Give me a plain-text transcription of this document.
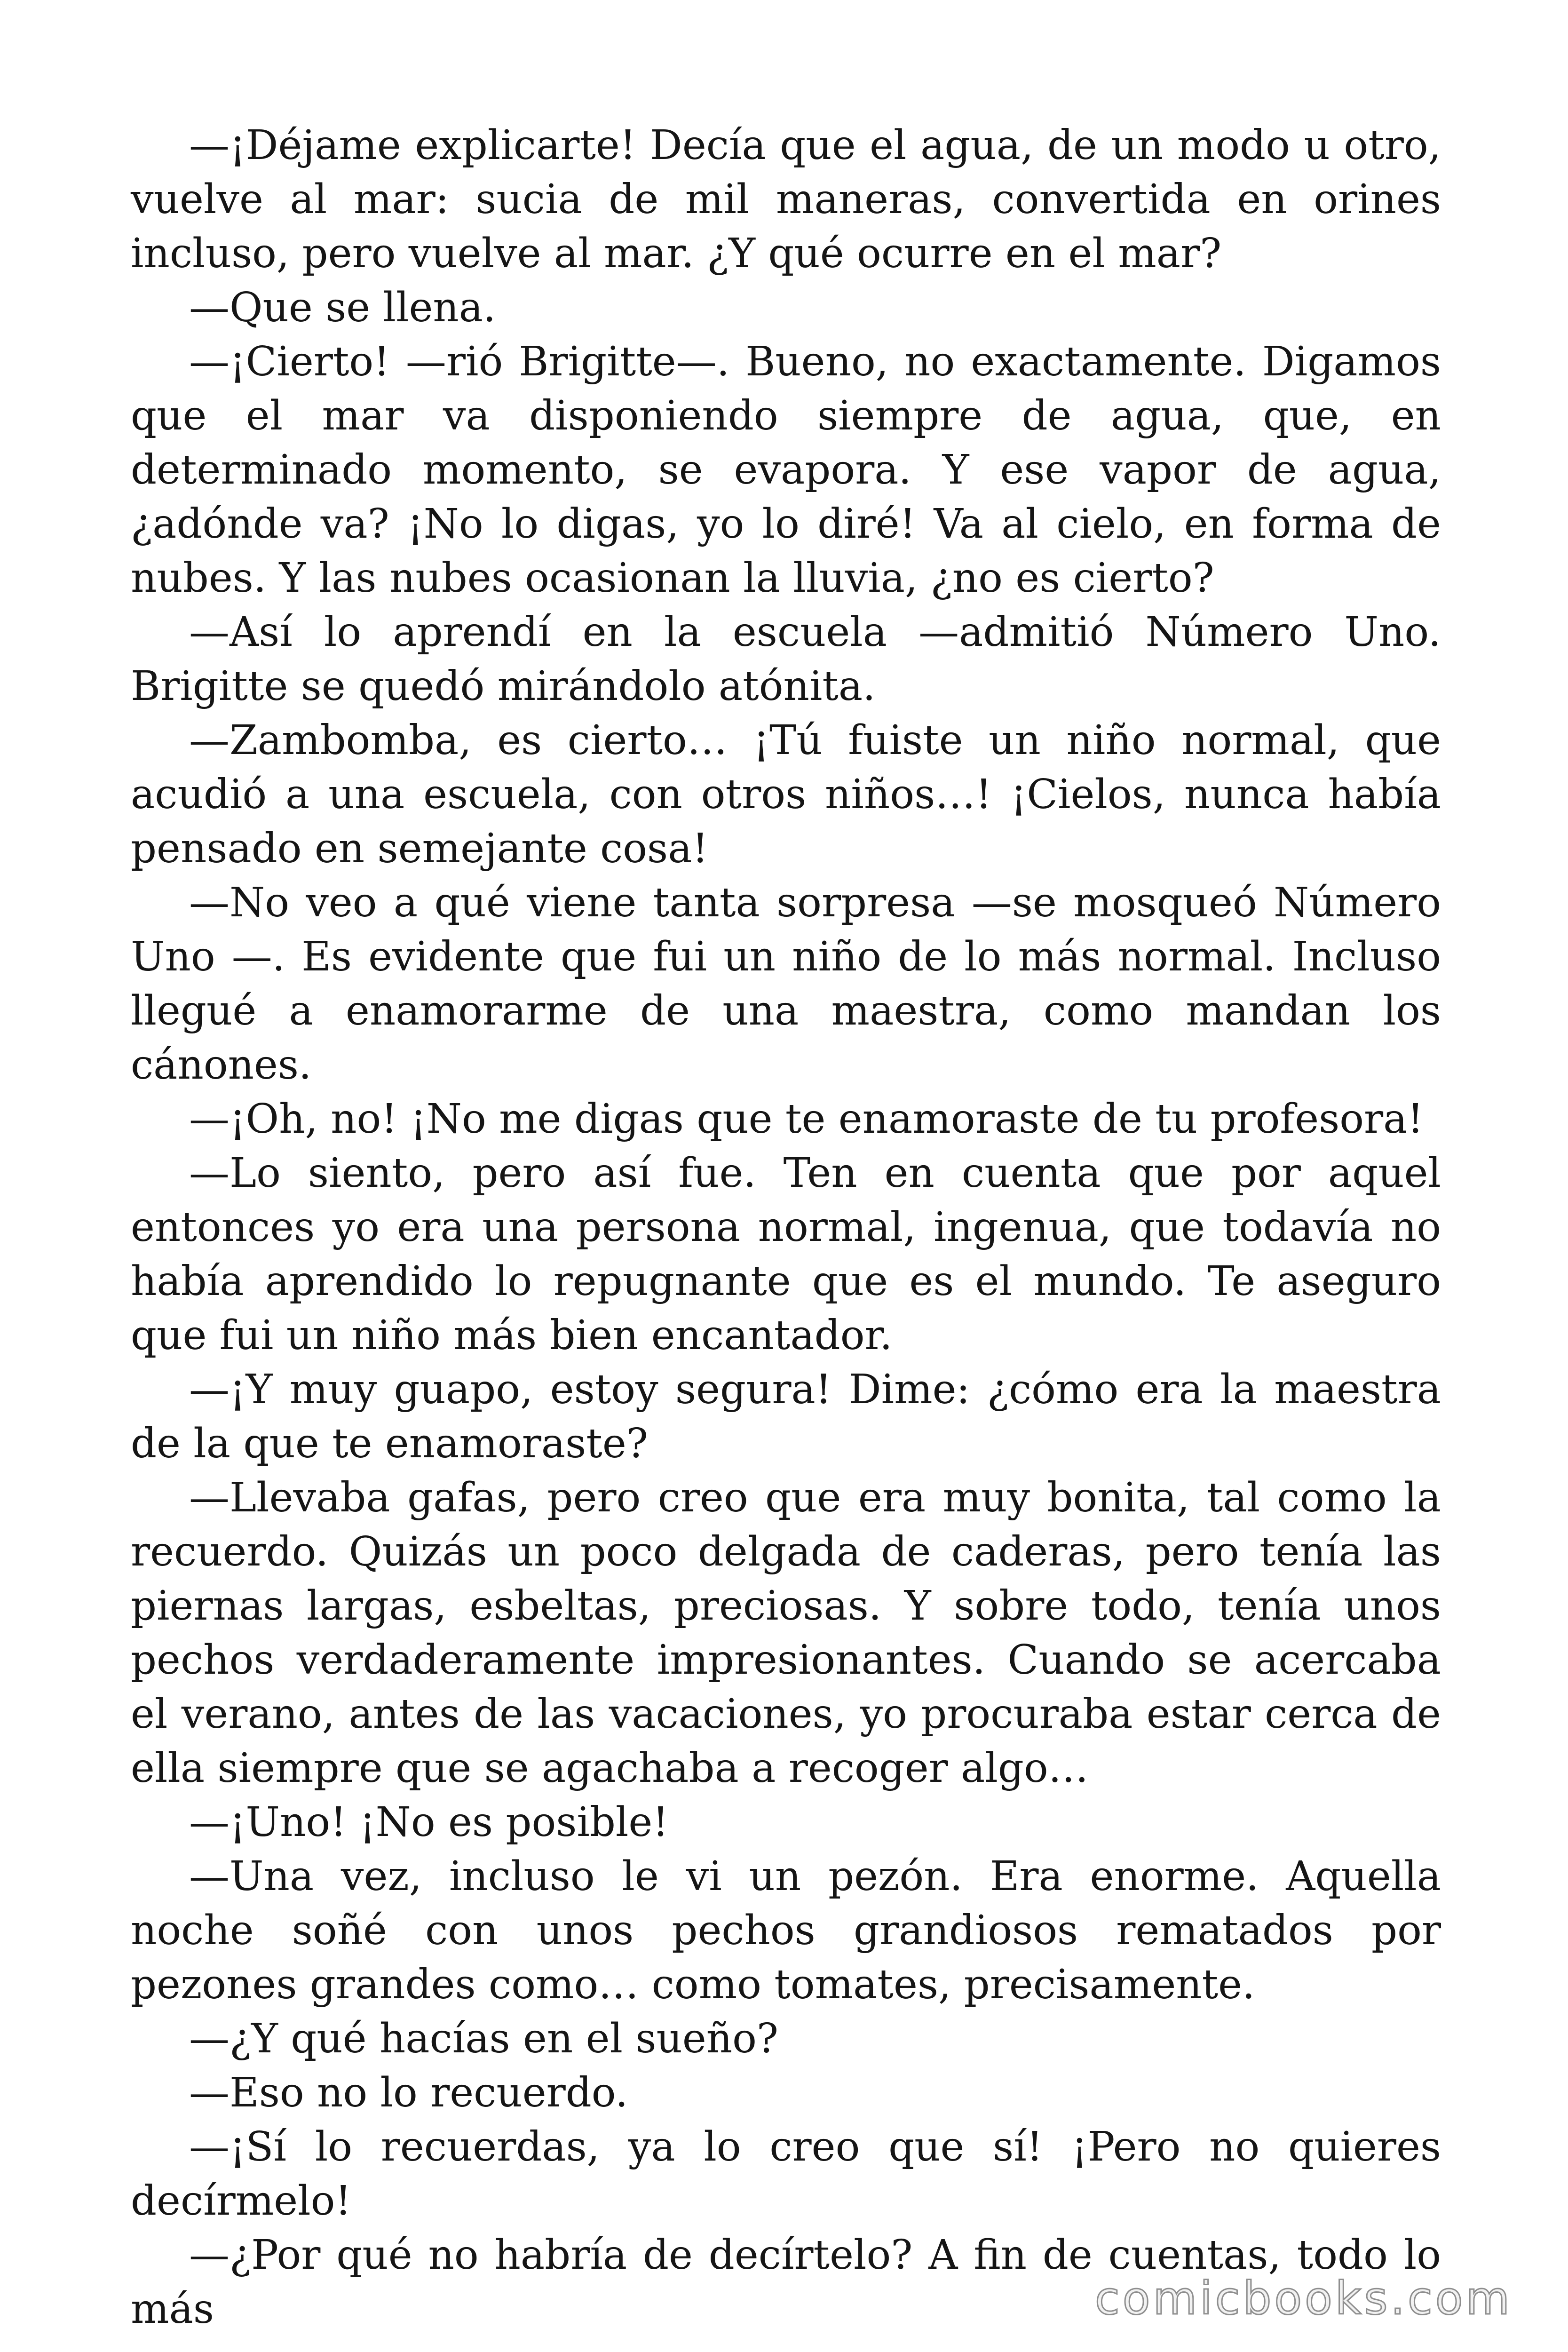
—¡Déjame explicarte! Decía que el agua, de un modo u otro, vuelve al mar: sucia de mil maneras, convertida en orines incluso, pero vuelve al mar. ¿Y qué ocurre en el mar?

—Que se llena.

—¡Cierto! —rió Brigitte—. Bueno, no exactamente. Digamos que el mar va disponiendo siempre de agua, que, en determinado momento, se evapora. Y ese vapor de agua, ¿adónde va? ¡No lo digas, yo lo diré! Va al cielo, en forma de nubes. Y las nubes ocasionan la lluvia, ¿no es cierto?

—Así lo aprendí en la escuela —admitió Número Uno. Brigitte se quedó mirándolo atónita.

—Zambomba, es cierto… ¡Tú fuiste un niño normal, que acudió a una escuela, con otros niños…! ¡Cielos, nunca había pensado en semejante cosa!

—No veo a qué viene tanta sorpresa —se mosqueó Número Uno —. Es evidente que fui un niño de lo más normal. Incluso llegué a enamorarme de una maestra, como mandan los cánones.

—¡Oh, no! ¡No me digas que te enamoraste de tu profesora!

—Lo siento, pero así fue. Ten en cuenta que por aquel entonces yo era una persona normal, ingenua, que todavía no había aprendido lo repugnante que es el mundo. Te aseguro que fui un niño más bien encantador.

—¡Y muy guapo, estoy segura! Dime: ¿cómo era la maestra de la que te enamoraste?

—Llevaba gafas, pero creo que era muy bonita, tal como la recuerdo. Quizás un poco delgada de caderas, pero tenía las piernas largas, esbeltas, preciosas. Y sobre todo, tenía unos pechos verdaderamente impresionantes. Cuando se acercaba el verano, antes de las vacaciones, yo procuraba estar cerca de ella siempre que se agachaba a recoger algo…

—¡Uno! ¡No es posible!

—Una vez, incluso le vi un pezón. Era enorme. Aquella noche soñé con unos pechos grandiosos rematados por pezones grandes como… como tomates, precisamente.

—¿Y qué hacías en el sueño?

—Eso no lo recuerdo.

—¡Sí lo recuerdas, ya lo creo que sí! ¡Pero no quieres decírmelo!

—¿Por qué no habría de decírtelo? A fin de cuentas, todo lo más	comicbooks.com
